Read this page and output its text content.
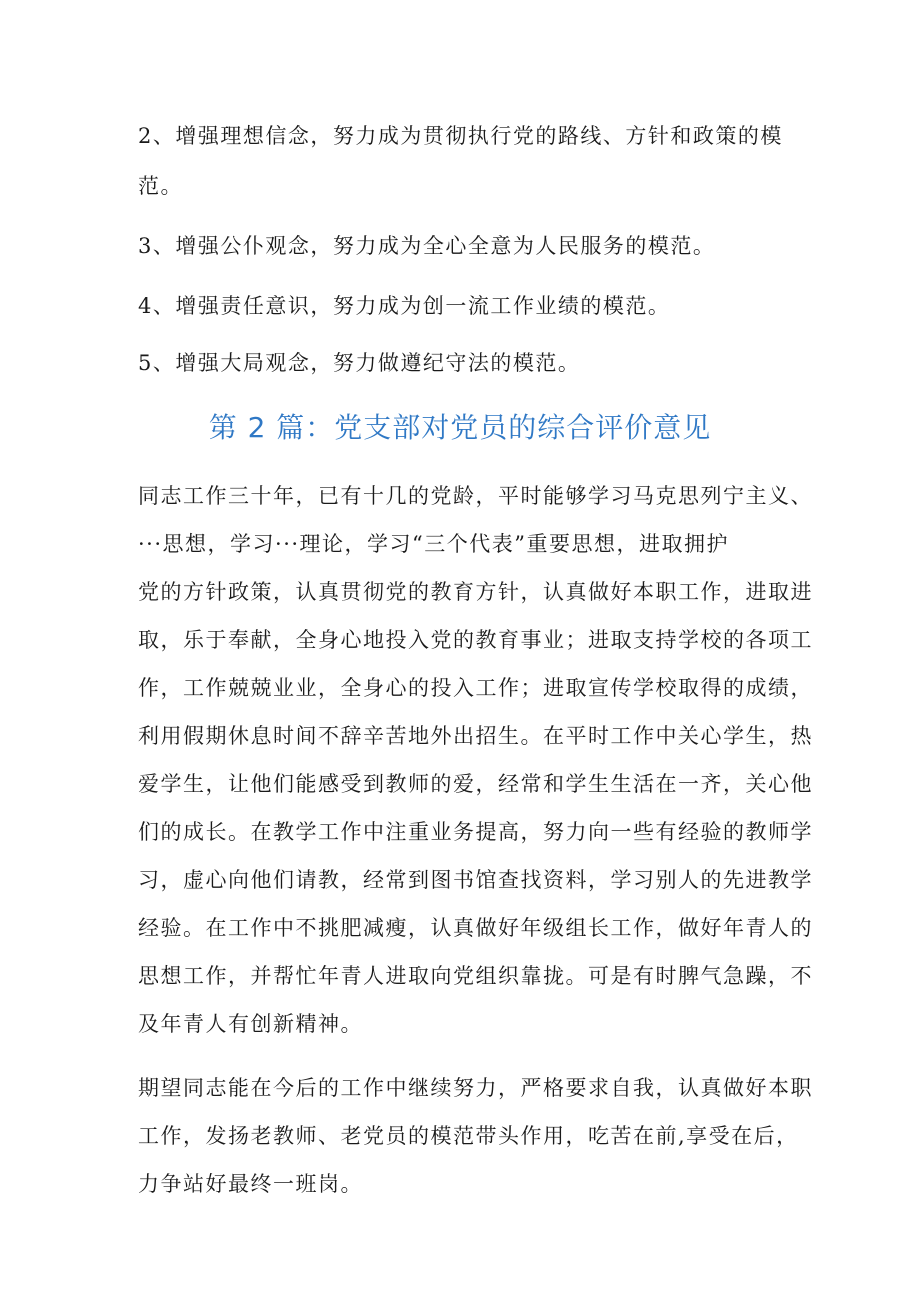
2、增强理想信念，努力成为贯彻执行党的路线、方针和政策的模
范。
3、增强公仆观念，努力成为全心全意为人民服务的模范。
4、增强责任意识，努力成为创一流工作业绩的模范。
5、增强大局观念，努力做遵纪守法的模范。
第 2 篇：党支部对党员的综合评价意见
同志工作三十年，已有十几的党龄，平时能够学习马克思列宁主义、
···思想，学习···理论，学习“三个代表”重要思想，进取拥护
党的方针政策，认真贯彻党的教育方针，认真做好本职工作，进取进
取，乐于奉献，全身心地投入党的教育事业；进取支持学校的各项工
作，工作兢兢业业，全身心的投入工作；进取宣传学校取得的成绩，
利用假期休息时间不辞辛苦地外出招生。在平时工作中关心学生，热
爱学生，让他们能感受到教师的爱，经常和学生生活在一齐，关心他
们的成长。在教学工作中注重业务提高，努力向一些有经验的教师学
习，虚心向他们请教，经常到图书馆查找资料，学习别人的先进教学
经验。在工作中不挑肥减瘦，认真做好年级组长工作，做好年青人的
思想工作，并帮忙年青人进取向党组织靠拢。可是有时脾气急躁，不
及年青人有创新精神。
期望同志能在今后的工作中继续努力，严格要求自我，认真做好本职
工作，发扬老教师、老党员的模范带头作用，吃苦在前,享受在后，
力争站好最终一班岗。
